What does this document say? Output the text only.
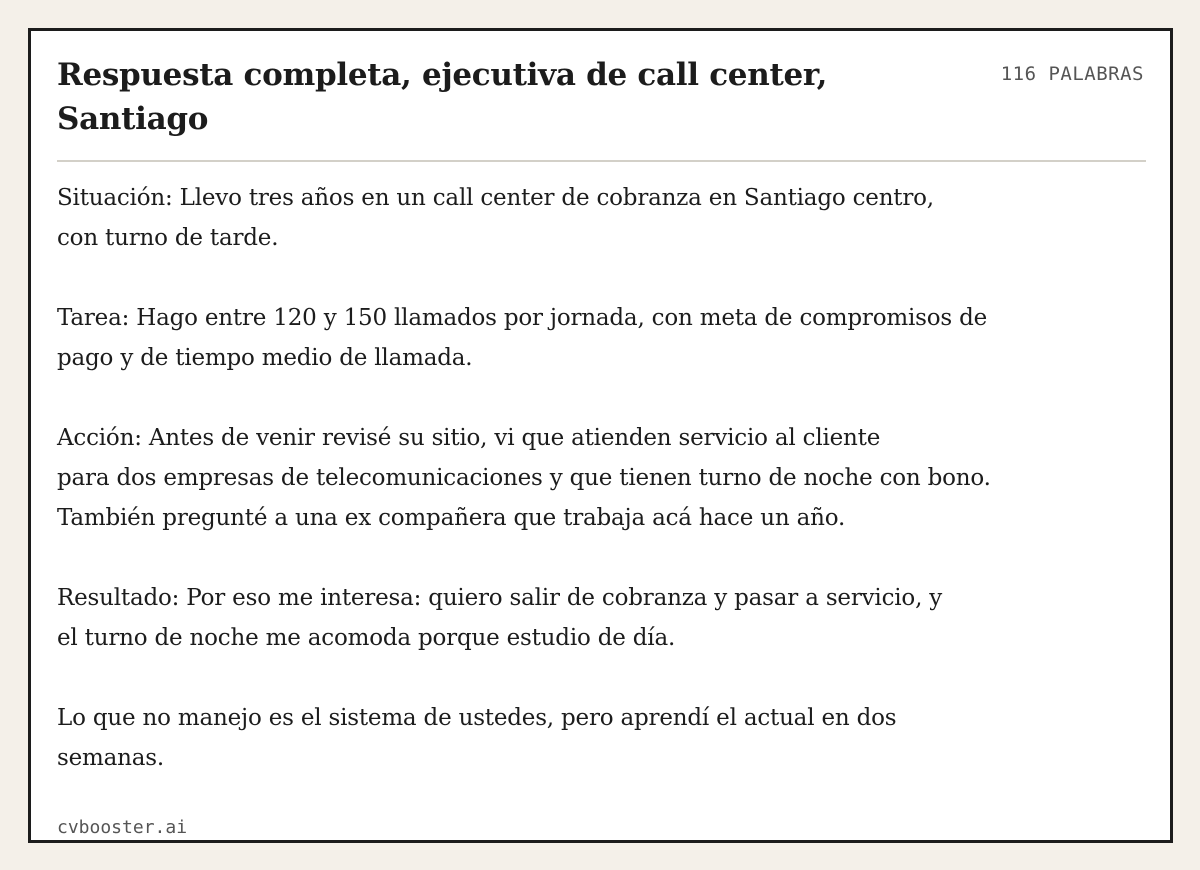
Respuesta completa, ejecutiva de call center, Santiago
116 PALABRAS

Situación: Llevo tres años en un call center de cobranza en Santiago centro,
con turno de tarde.

Tarea: Hago entre 120 y 150 llamados por jornada, con meta de compromisos de
pago y de tiempo medio de llamada.

Acción: Antes de venir revisé su sitio, vi que atienden servicio al cliente
para dos empresas de telecomunicaciones y que tienen turno de noche con bono.
También pregunté a una ex compañera que trabaja acá hace un año.

Resultado: Por eso me interesa: quiero salir de cobranza y pasar a servicio, y
el turno de noche me acomoda porque estudio de día.

Lo que no manejo es el sistema de ustedes, pero aprendí el actual en dos
semanas.

cvbooster.ai
